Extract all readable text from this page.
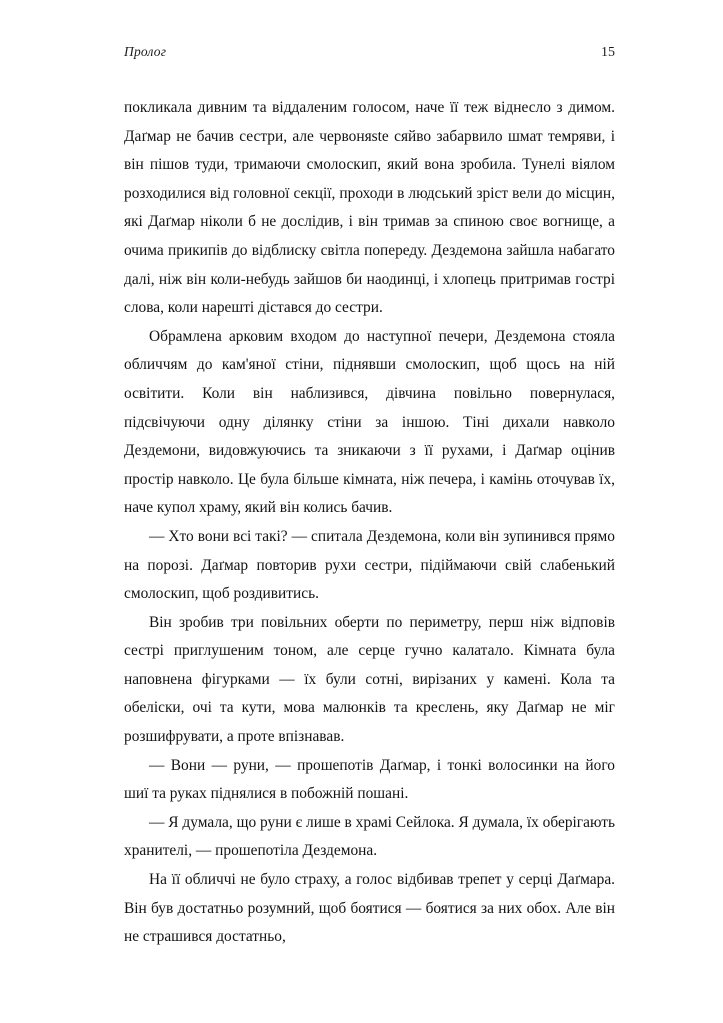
Пролог	15

покликала дивним та віддаленим голосом, наче її теж віднесло з димом. Даґмар не бачив сестри, але червоняste сяйво забарвило шмат темряви, і він пішов туди, тримаючи смолоскип, який вона зробила. Тунелі віялом розходилися від головної секції, проходи в людський зріст вели до місцин, які Даґмар ніколи б не дослідив, і він тримав за спиною своє вогнище, а очима прикипів до відблиску світла попереду. Дездемона зайшла набагато далі, ніж він коли-небудь зайшов би наодинці, і хлопець притримав гострі слова, коли нарешті дістався до сестри.

Обрамлена арковим входом до наступної печери, Дездемона стояла обличчям до кам'яної стіни, піднявши смолоскип, щоб щось на ній освітити. Коли він наблизився, дівчина повільно повернулася, підсвічуючи одну ділянку стіни за іншою. Тіні дихали навколо Дездемони, видовжуючись та зникаючи з її рухами, і Даґмар оцінив простір навколо. Це була більше кімната, ніж печера, і камінь оточував їх, наче купол храму, який він колись бачив.

— Хто вони всі такі? — спитала Дездемона, коли він зупинився прямо на порозі. Даґмар повторив рухи сестри, підіймаючи свій слабенький смолоскип, щоб роздивитись.

Він зробив три повільних оберти по перимeтру, перш ніж відповів сестрі приглушеним тоном, але серце гучно калатало. Кімната була наповнена фігурками — їх були сотні, вирізаних у камені. Кола та обеліски, очі та кути, мова малюнків та креслень, яку Даґмар не міг розшифрувати, а проте впізнавав.

— Вони — руни, — прошепотів Даґмар, і тонкі волосинки на його шиї та руках піднялися в побожній пошані.

— Я думала, що руни є лише в храмі Сейлока. Я думала, їх оберігають хранителі, — прошепотіла Дездемона.

На її обличчі не було страху, а голос відбивав трепет у серці Даґмара. Він був достатньо розумний, щоб боятися — боятися за них обох. Але він не страшився достатньо,
